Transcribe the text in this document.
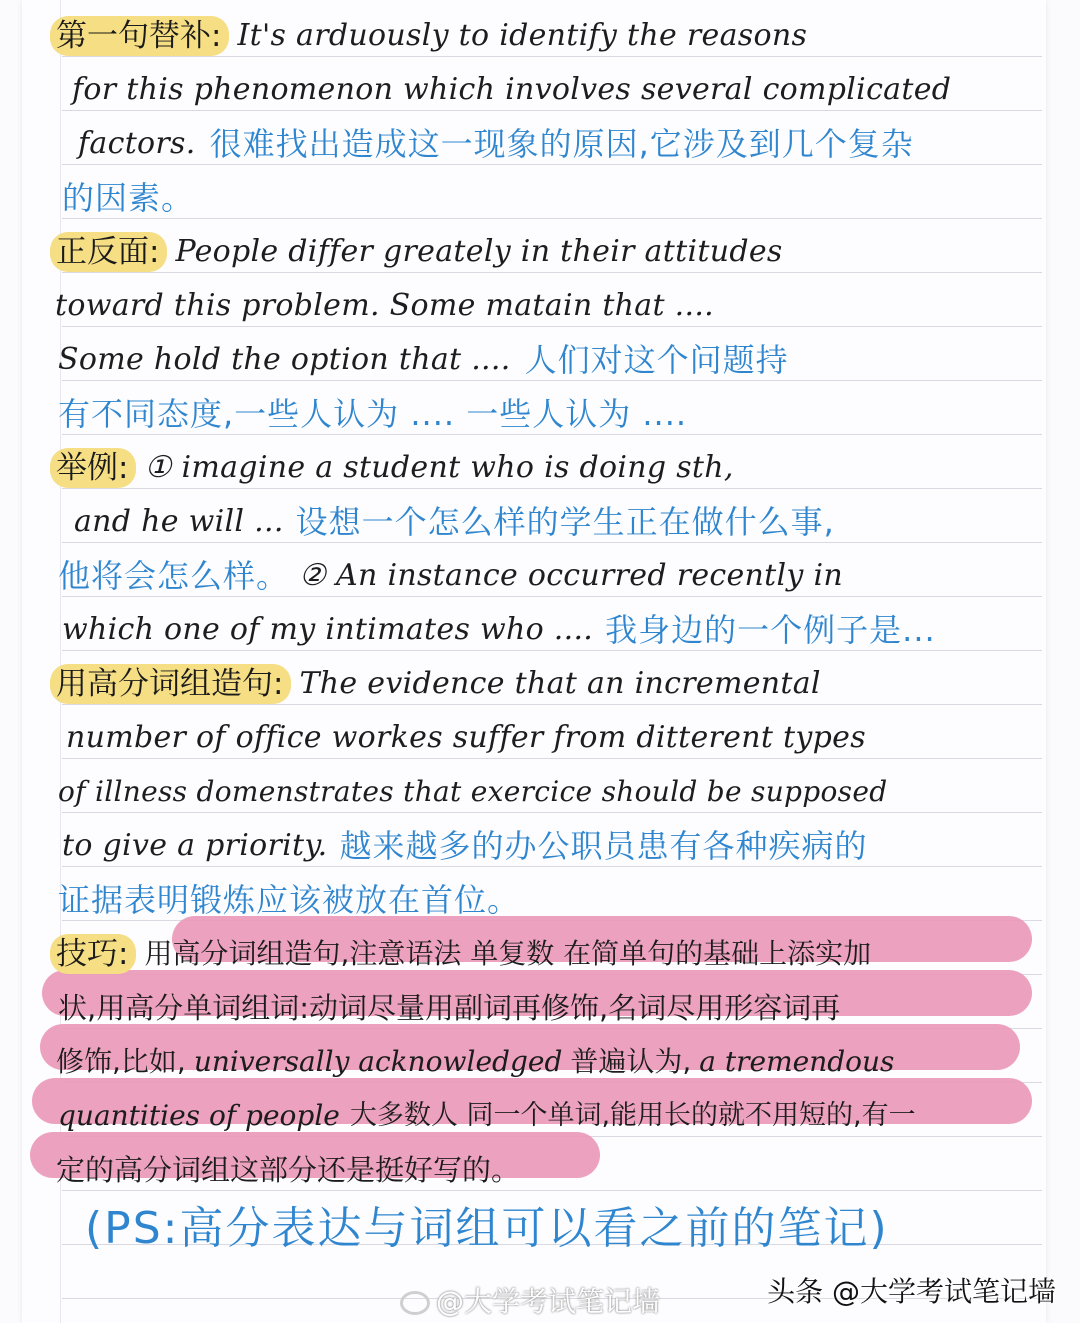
第一句替补: It's arduously to identify the reasons
for this phenomenon which involves several complicated
factors. 很难找出造成这一现象的原因,它涉及到几个复杂
的因素。
正反面: People differ greately in their attitudes
toward this problem. Some matain that ....
Some hold the option that .... 人们对这个问题持
有不同态度,一些人认为 .... 一些人认为 ....
举例: ① imagine a student who is doing sth,
and he will ... 设想一个怎么样的学生正在做什么事,
他将会怎么样。 ② An instance occurred recently in
which one of my intimates who .... 我身边的一个例子是...
用高分词组造句: The evidence that an incremental
number of office workes suffer from ditterent types
of illness domenstrates that exercice should be supposed
to give a priority. 越来越多的办公职员患有各种疾病的
证据表明锻炼应该被放在首位。
技巧: 用高分词组造句,注意语法 单复数 在简单句的基础上添实加
状,用高分单词组词:动词尽量用副词再修饰,名词尽用形容词再
修饰,比如, universally acknowledged 普遍认为, a tremendous
quantities of people 大多数人 同一个单词,能用长的就不用短的,有一
定的高分词组这部分还是挺好写的。
(PS:高分表达与词组可以看之前的笔记)
@大学考试笔记墙	头条 @大学考试笔记墙
